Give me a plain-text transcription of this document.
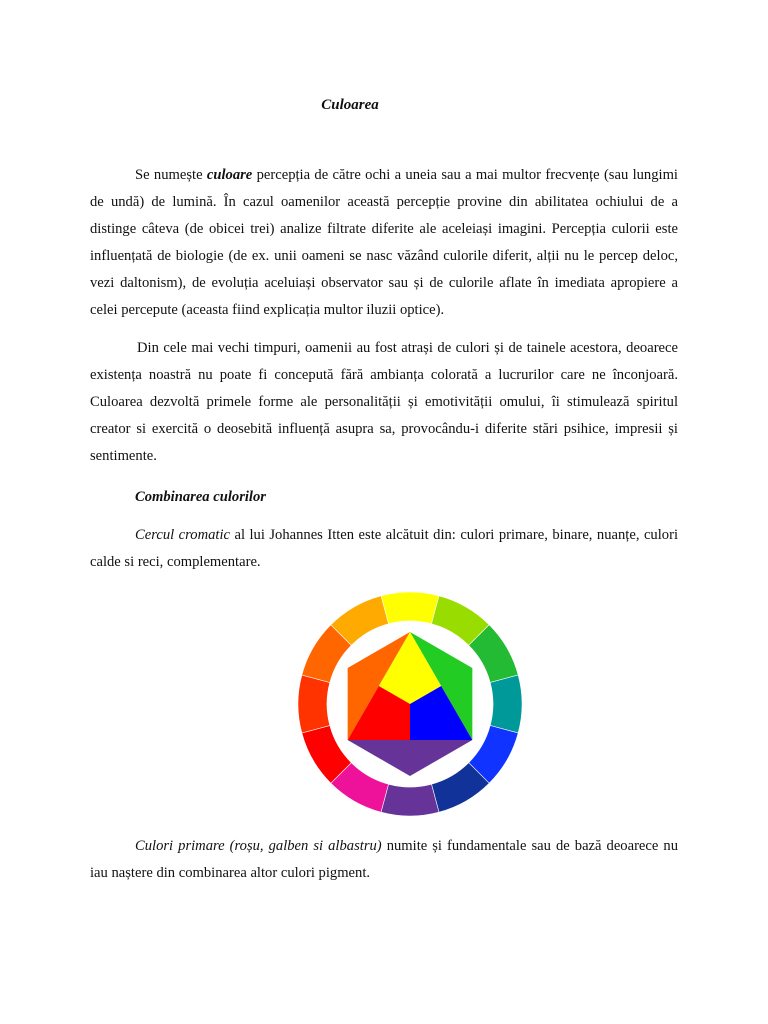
Culoarea

Se numește culoare percepția de către ochi a uneia sau a mai multor frecvențe (sau lungimi de undă) de lumină. În cazul oamenilor această percepție provine din abilitatea ochiului de a distinge câteva (de obicei trei) analize filtrate diferite ale aceleiași imagini. Percepția culorii este influențată de biologie (de ex. unii oameni se nasc văzând culorile diferit, alții nu le percep deloc, vezi daltonism), de evoluția aceluiași observator sau și de culorile aflate în imediata apropiere a celei percepute (aceasta fiind explicația multor iluzii optice).

Din cele mai vechi timpuri, oamenii au fost atrași de culori și de tainele acestora, deoarece existența noastră nu poate fi concepută fără ambianța colorată a lucrurilor care ne înconjoară. Culoarea dezvoltă primele forme ale personalității și emotivității omului, îi stimulează spiritul creator si exercită o deosebită influență asupra sa, provocându-i diferite stări psihice, impresii și sentimente.

Combinarea culorilor

Cercul cromatic al lui Johannes Itten este alcătuit din: culori primare, binare, nuanțe, culori calde si reci, complementare.

Culori primare (roșu, galben si albastru) numite și fundamentale sau de bază deoarece nu iau naștere din combinarea altor culori pigment.
